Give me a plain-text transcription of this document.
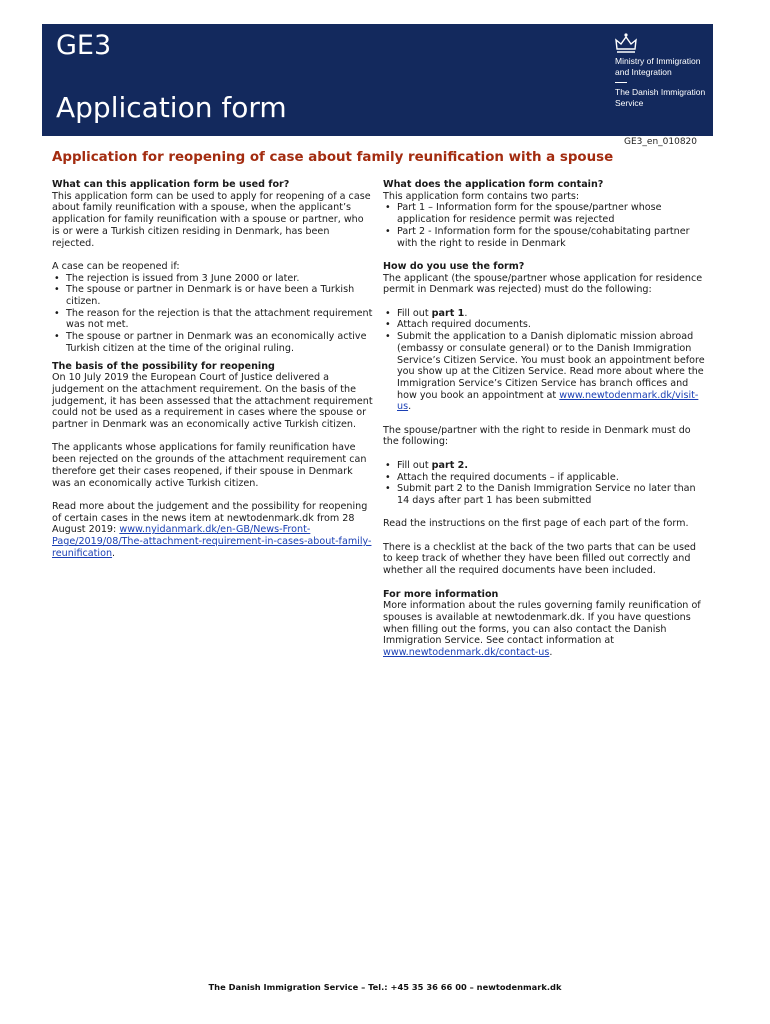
GE3
Application form
Ministry of Immigration and Integration
The Danish Immigration Service
GE3_en_010820
Application for reopening of case about family reunification with a spouse
What can this application form be used for?

This application form can be used to apply for reopening of a case about family reunification with a spouse, when the applicant’s application for family reunification with a spouse or partner, who is or were a Turkish citizen residing in Denmark, has been rejected.

A case can be reopened if:

• The rejection is issued from 3 June 2000 or later.
• The spouse or partner in Denmark is or have been a Turkish citizen.
• The reason for the rejection is that the attachment requirement was not met.
• The spouse or partner in Denmark was an economically active Turkish citizen at the time of the original ruling.
The basis of the possibility for reopening

On 10 July 2019 the European Court of Justice delivered a judgement on the attachment requirement. On the basis of the judgement, it has been assessed that the attachment requirement could not be used as a requirement in cases where the spouse or partner in Denmark was an economically active Turkish citizen.

The applicants whose applications for family reunification have been rejected on the grounds of the attachment requirement can therefore get their cases reopened, if their spouse in Denmark was an economically active Turkish citizen.

Read more about the judgement and the possibility for reopening of certain cases in the news item at newtodenmark.dk from 28 August 2019: www.nyidanmark.dk/en-GB/News-Front-Page/2019/08/The-attachment-requirement-in-cases-about-family-reunification.

What does the application form contain?

This application form contains two parts:

• Part 1 – Information form for the spouse/partner whose application for residence permit was rejected
• Part 2 - Information form for the spouse/cohabitating partner with the right to reside in Denmark
How do you use the form?

The applicant (the spouse/partner whose application for residence permit in Denmark was rejected) must do the following:

• Fill out part 1.
• Attach required documents.
• Submit the application to a Danish diplomatic mission abroad (embassy or consulate general) or to the Danish Immigration Service’s Citizen Service. You must book an appointment before you show up at the Citizen Service. Read more about where the Immigration Service’s Citizen Service has branch offices and how you book an appointment at www.newtodenmark.dk/visit-us.

The spouse/partner with the right to reside in Denmark must do the following:

• Fill out part 2.
• Attach the required documents – if applicable.
• Submit part 2 to the Danish Immigration Service no later than 14 days after part 1 has been submitted

Read the instructions on the first page of each part of the form.

There is a checklist at the back of the two parts that can be used to keep track of whether they have been filled out correctly and whether all the required documents have been included.

For more information

More information about the rules governing family reunification of spouses is available at newtodenmark.dk. If you have questions when filling out the forms, you can also contact the Danish Immigration Service. See contact information at www.newtodenmark.dk/contact-us.

The Danish Immigration Service – Tel.: +45 35 36 66 00 – newtodenmark.dk
